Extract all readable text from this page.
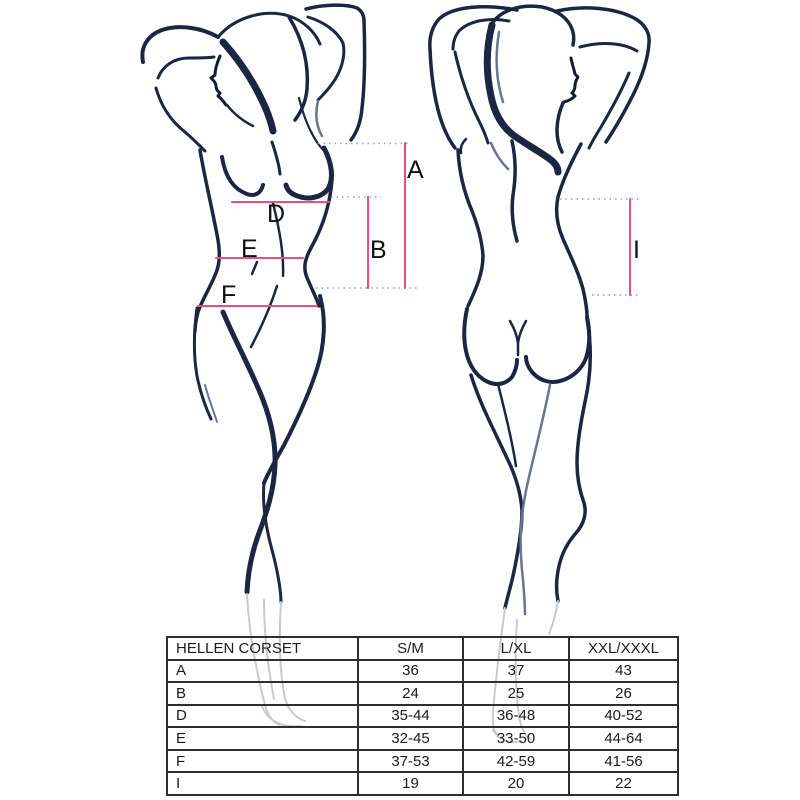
A
B
D
E
F
I
HELLEN CORSET	S/M	L/XL	XXL/XXXL
A	36	37	43
B	24	25	26
D	35-44	36-48	40-52
E	32-45	33-50	44-64
F	37-53	42-59	41-56
I	19	20	22
